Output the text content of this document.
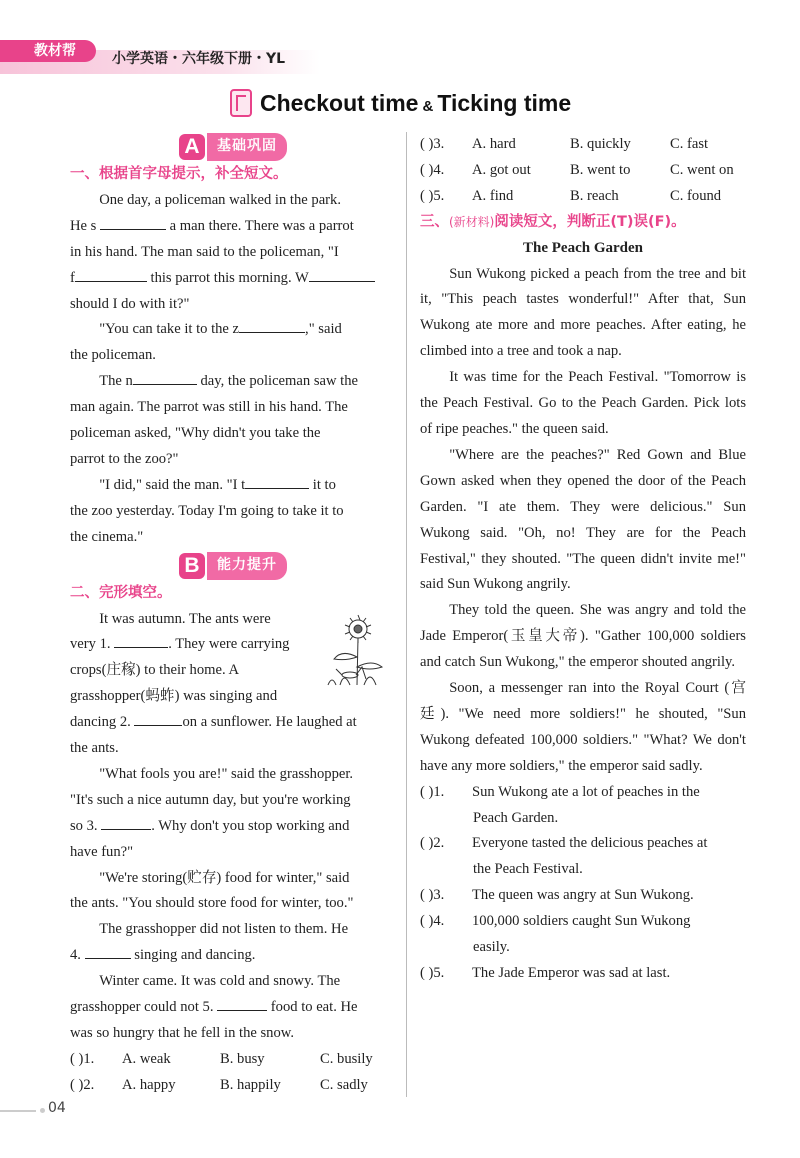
教材帮	小学英语・六年级下册・YL
Checkout time & Ticking time
A	基础巩固
一、根据首字母提示，补全短文。

One day, a policeman walked in the park.

He s	a man there. There was a parrot

in his hand. The man said to the policeman, "I

f	this parrot this morning. W

should I do with it?"

"You can take it to the z	," said

the policeman.

The n	day, the policeman saw the

man again. The parrot was still in his hand. The

policeman asked, "Why didn't you take the

parrot to the zoo?"

"I did," said the man. "I t	it to

the zoo yesterday. Today I'm going to take it to

the cinema."

B	能力提升
二、完形填空。

It was autumn. The ants were

very 1.	. They were carrying

crops(庄稼) to their home. A

grasshopper(蚂蚱) was singing and

dancing 2.	on a sunflower. He laughed at

the ants.

"What fools you are!" said the grasshopper.

"It's such a nice autumn day, but you're working

so 3.	. Why don't you stop working and

have fun?"

"We're storing(贮存) food for winter," said

the ants. "You should store food for winter, too."

The grasshopper did not listen to them. He

4.	singing and dancing.

Winter came. It was cold and snowy. The

grasshopper could not 5.	food to eat. He

was so hungry that he fell in the snow.

( )1.	A. weak	B. busy	C. busily
( )2.	A. happy	B. happily	C. sadly
( )3.	A. hard	B. quickly	C. fast
( )4.	A. got out	B. went to	C. went on
( )5.	A. find	B. reach	C. found
三、(新材料)阅读短文，判断正(T)误(F)。
The Peach Garden

Sun Wukong picked a peach from the tree and bit it, "This peach tastes wonderful!" After that, Sun Wukong ate more and more peaches. After eating, he climbed into a tree and took a nap.

It was time for the Peach Festival. "Tomorrow is the Peach Festival. Go to the Peach Garden. Pick lots of ripe peaches." the queen said.

"Where are the peaches?" Red Gown and Blue Gown asked when they opened the door of the Peach Garden. "I ate them. They were delicious." Sun Wukong said. "Oh, no! They are for the Peach Festival," they shouted. "The queen didn't invite me!" said Sun Wukong angrily.

They told the queen. She was angry and told the Jade Emperor(玉皇大帝). "Gather 100,000 soldiers and catch Sun Wukong," the emperor shouted angrily.

Soon, a messenger ran into the Royal Court (宫廷). "We need more soldiers!" he shouted, "Sun Wukong defeated 100,000 soldiers." "What? We don't have any more soldiers," the emperor said sadly.

( )1.	Sun Wukong ate a lot of peaches in the
Peach Garden.
( )2.	Everyone tasted the delicious peaches at
the Peach Festival.
( )3.	The queen was angry at Sun Wukong.
( )4.	100,000 soldiers caught Sun Wukong
easily.
( )5.	The Jade Emperor was sad at last.
04
